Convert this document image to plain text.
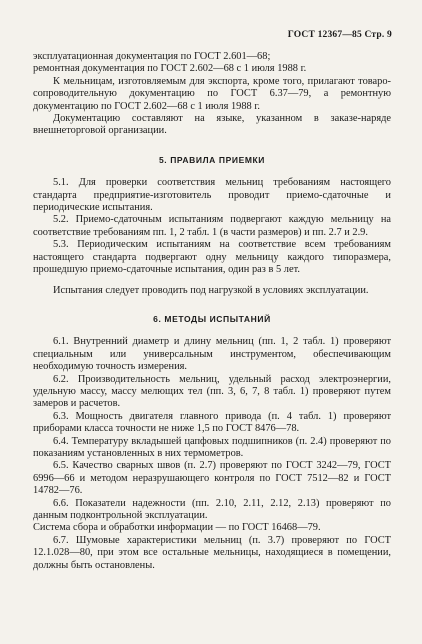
ГОСТ 12367—85 Стр. 9

эксплуатационная документация по ГОСТ 2.601—68;

ремонтная документация по ГОСТ 2.602—68 с 1 июля 1988 г.

К мельницам, изготовляемым для экспорта, кроме того, прилагают товаро-сопроводительную документацию по ГОСТ 6.37—79, а ремонтную документацию по ГОСТ 2.602—68 с 1 июля 1988 г.

Документацию составляют на языке, указанном в заказе-наряде внешнеторговой организации.

5. ПРАВИЛА ПРИЕМКИ

5.1. Для проверки соответствия мельниц требованиям настоящего стандарта предприятие-изготовитель проводит приемо-сдаточные и периодические испытания.

5.2. Приемо-сдаточным испытаниям подвергают каждую мельницу на соответствие требованиям пп. 1, 2 табл. 1 (в части размеров) и пп. 2.7 и 2.9.

5.3. Периодическим испытаниям на соответствие всем требованиям настоящего стандарта подвергают одну мельницу каждого типоразмера, прошедшую приемо-сдаточные испытания, один раз в 5 лет.

Испытания следует проводить под нагрузкой в условиях эксплуатации.

6. МЕТОДЫ ИСПЫТАНИЙ

6.1. Внутренний диаметр и длину мельниц (пп. 1, 2 табл. 1) проверяют специальным или универсальным инструментом, обеспечивающим необходимую точность измерения.

6.2. Производительность мельниц, удельный расход электроэнергии, удельную массу, массу мелющих тел (пп. 3, 6, 7, 8 табл. 1) проверяют путем замеров и расчетов.

6.3. Мощность двигателя главного привода (п. 4 табл. 1) проверяют приборами класса точности не ниже 1,5 по ГОСТ 8476—78.

6.4. Температуру вкладышей цапфовых подшипников (п. 2.4) проверяют по показаниям установленных в них термометров.

6.5. Качество сварных швов (п. 2.7) проверяют по ГОСТ 3242—79, ГОСТ 6996—66 и методом неразрушающего контроля по ГОСТ 7512—82 и ГОСТ 14782—76.

6.6. Показатели надежности (пп. 2.10, 2.11, 2.12, 2.13) проверяют по данным подконтрольной эксплуатации.

Система сбора и обработки информации — по ГОСТ 16468—79.

6.7. Шумовые характеристики мельниц (п. 3.7) проверяют по ГОСТ 12.1.028—80, при этом все остальные мельницы, находящиеся в помещении, должны быть остановлены.
